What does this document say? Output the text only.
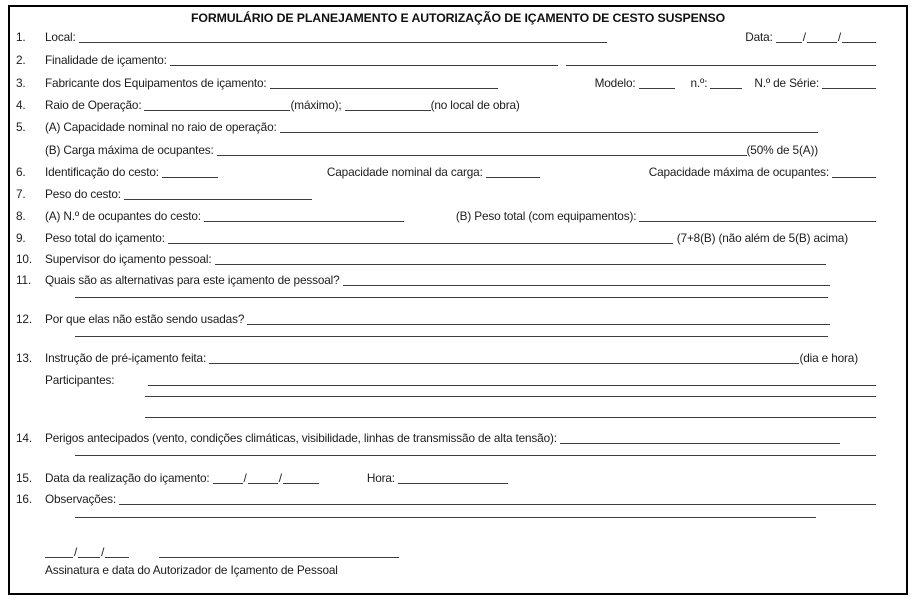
FORMULÁRIO DE PLANEJAMENTO E AUTORIZAÇÃO DE IÇAMENTO DE CESTO SUSPENSO
1.	Local:	Data:	/	/
2.	Finalidade de içamento:
3.	Fabricante dos Equipamentos de içamento:	Modelo:	n.º:	N.º de Série:
4.	Raio de Operação:	(máximo);	(no local de obra)
5.	(A) Capacidade nominal no raio de operação:
(B) Carga máxima de ocupantes:	(50% de 5(A))
6.	Identificação do cesto:	Capacidade nominal da carga:	Capacidade máxima de ocupantes:
7.	Peso do cesto:
8.	(A) N.º de ocupantes do cesto:	(B) Peso total (com equipamentos):
9.	Peso total do içamento:	(7+8(B) (não além de 5(B) acima)
10.	Supervisor do içamento pessoal:
11.	Quais são as alternativas para este içamento de pessoal?
12.	Por que elas não estão sendo usadas?
13.	Instrução de pré-içamento feita:	(dia e hora)
Participantes:
14.	Perigos antecipados (vento, condições climáticas, visibilidade, linhas de transmissão de alta tensão):
15.	Data da realização do içamento:	/	/	Hora:
16.	Observações:
/ /
Assinatura e data do Autorizador de Içamento de Pessoal
